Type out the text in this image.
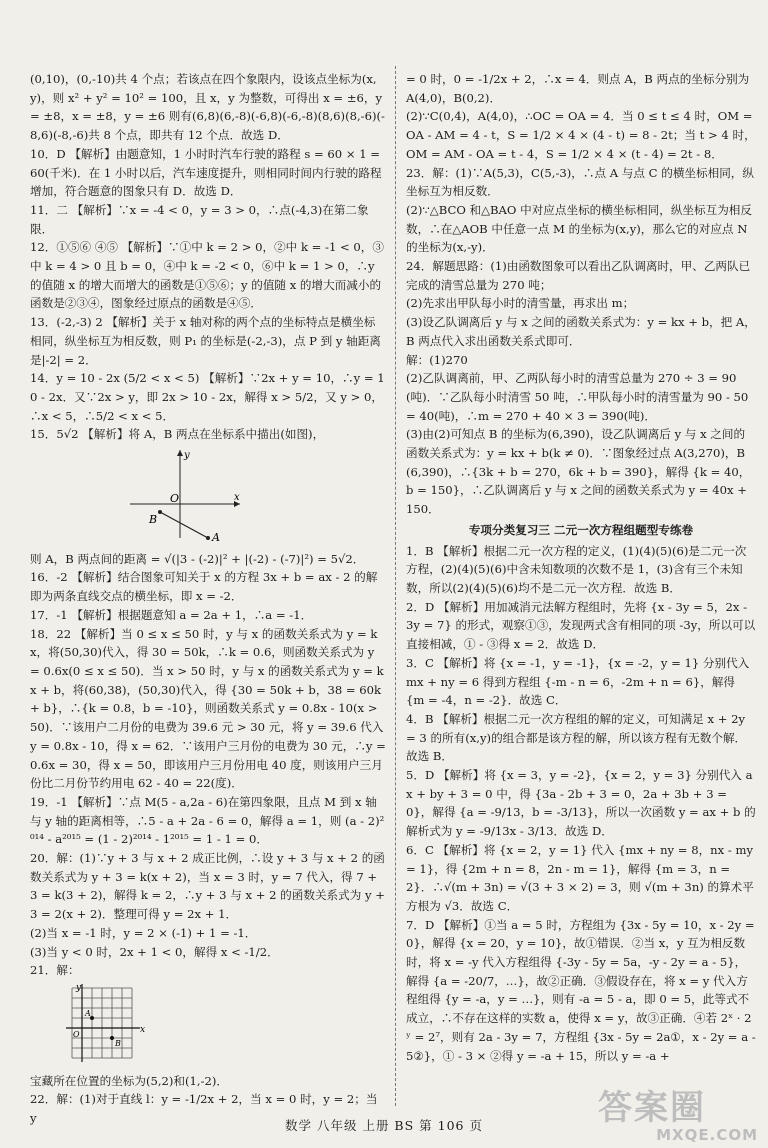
(0,10)，(0,-10)共 4 个点；若该点在四个象限内，设该点坐标为(x,y)，则 x² + y² = 10² = 100，且 x，y 为整数，可得出 x = ±6，y = ±8，x = ±8，y = ±6 则有(6,8)(6,-8)(-6,8)(-6,-8)(8,6)(8,-6)(-8,6)(-8,-6)共 8 个点，即共有 12 个点．故选 D．

10．D 【解析】由题意知，1 小时时汽车行驶的路程 s = 60 × 1 = 60(千米)．在 1 小时以后，汽车速度提升，则相同时间内行驶的路程增加，符合题意的图象只有 D．故选 D．

11．二 【解析】∵x = -4 < 0，y = 3 > 0，∴点(-4,3)在第二象限．

12．①⑤⑥ ④⑤ 【解析】∵①中 k = 2 > 0，②中 k = -1 < 0，③中 k = 4 > 0 且 b = 0，④中 k = -2 < 0，⑥中 k = 1 > 0，∴y 的值随 x 的增大而增大的函数是①⑤⑥；y 的值随 x 的增大而减小的函数是②③④，图象经过原点的函数是④⑤．

13．(-2,-3) 2 【解析】关于 x 轴对称的两个点的坐标特点是横坐标相同，纵坐标互为相反数，则 P₁ 的坐标是(-2,-3)，点 P 到 y 轴距离是|-2| = 2．

14．y = 10 - 2x (5/2 < x < 5) 【解析】∵2x + y = 10，∴y = 10 - 2x．又∵2x > y，即 2x > 10 - 2x，解得 x > 5/2，又 y > 0，∴x < 5，∴5/2 < x < 5．

15．5√2 【解析】将 A，B 两点在坐标系中描出(如图)，

B
O
A
x
y

则 A，B 两点间的距离 = √(|3 - (-2)|² + |(-2) - (-7)|²) = 5√2．

16．-2 【解析】结合图象可知关于 x 的方程 3x + b = ax - 2 的解即为两条直线交点的横坐标，即 x = -2．

17．-1 【解析】根据题意知 a = 2a + 1，∴a = -1．

18．22 【解析】当 0 ≤ x ≤ 50 时，y 与 x 的函数关系式为 y = kx，将(50,30)代入，得 30 = 50k，∴k = 0.6，则函数关系式为 y = 0.6x(0 ≤ x ≤ 50)．当 x > 50 时，y 与 x 的函数关系式为 y = kx + b，将(60,38)，(50,30)代入，得 {30 = 50k + b，38 = 60k + b}，∴{k = 0.8，b = -10}，则函数关系式 y = 0.8x - 10(x > 50)．∵该用户二月份的电费为 39.6 元 > 30 元，将 y = 39.6 代入 y = 0.8x - 10，得 x = 62．∵该用户三月份的电费为 30 元，∴y = 0.6x = 30，得 x = 50，即该用户三月份用电 40 度，则该用户三月份比二月份节约用电 62 - 40 = 22(度)．

19．-1 【解析】∵点 M(5 - a,2a - 6)在第四象限，且点 M 到 x 轴与 y 轴的距离相等，∴5 - a + 2a - 6 = 0，解得 a = 1，则 (a - 2)²⁰¹⁴ - a²⁰¹⁵ = (1 - 2)²⁰¹⁴ - 1²⁰¹⁵ = 1 - 1 = 0．

20．解：(1)∵y + 3 与 x + 2 成正比例，∴设 y + 3 与 x + 2 的函数关系式为 y + 3 = k(x + 2)，当 x = 3 时，y = 7 代入，得 7 + 3 = k(3 + 2)，解得 k = 2，∴y + 3 与 x + 2 的函数关系式为 y + 3 = 2(x + 2)．整理可得 y = 2x + 1．

(2)当 x = -1 时，y = 2 × (-1) + 1 = -1．

(3)当 y < 0 时，2x + 1 < 0，解得 x < -1/2．

21．解：

x
y
O
A
B

宝藏所在位置的坐标为(5,2)和(1,-2)．

22．解：(1)对于直线 l：y = -1/2x + 2，当 x = 0 时，y = 2；当 y

= 0 时，0 = -1/2x + 2，∴x = 4．则点 A，B 两点的坐标分别为 A(4,0)，B(0,2)．

(2)∵C(0,4)，A(4,0)，∴OC = OA = 4．当 0 ≤ t ≤ 4 时，OM = OA - AM = 4 - t，S = 1/2 × 4 × (4 - t) = 8 - 2t；当 t > 4 时，OM = AM - OA = t - 4，S = 1/2 × 4 × (t - 4) = 2t - 8．

23．解：(1)∵A(5,3)，C(5,-3)，∴点 A 与点 C 的横坐标相同，纵坐标互为相反数．

(2)∵△BCO 和△BAO 中对应点坐标的横坐标相同，纵坐标互为相反数，∴在△AOB 中任意一点 M 的坐标为(x,y)，那么它的对应点 N 的坐标为(x,-y)．

24．解题思路：(1)由函数图象可以看出乙队调离时，甲、乙两队已完成的清雪总量为 270 吨；

(2)先求出甲队每小时的清雪量，再求出 m；

(3)设乙队调离后 y 与 x 之间的函数关系式为：y = kx + b，把 A，B 两点代入求出函数关系式即可．

解：(1)270

(2)乙队调离前，甲、乙两队每小时的清雪总量为 270 ÷ 3 = 90(吨)．∵乙队每小时清雪 50 吨，∴甲队每小时的清雪量为 90 - 50 = 40(吨)，∴m = 270 + 40 × 3 = 390(吨)．

(3)由(2)可知点 B 的坐标为(6,390)，设乙队调离后 y 与 x 之间的函数关系式为：y = kx + b(k ≠ 0)．∵图象经过点 A(3,270)，B(6,390)，∴{3k + b = 270，6k + b = 390}，解得 {k = 40，b = 150}，∴乙队调离后 y 与 x 之间的函数关系式为 y = 40x + 150．

专项分类复习三 二元一次方程组题型专练卷

1．B 【解析】根据二元一次方程的定义，(1)(4)(5)(6)是二元一次方程，(2)(4)(5)(6)中含未知数项的次数不是 1，(3)含有三个未知数，所以(2)(4)(5)(6)均不是二元一次方程．故选 B．

2．D 【解析】用加减消元法解方程组时，先将 {x - 3y = 5，2x - 3y = 7} 的形式，观察①③，发现两式含有相同的项 -3y，所以可以直接相减，① - ③得 x = 2．故选 D．

3．C 【解析】将 {x = -1，y = -1}，{x = -2，y = 1} 分别代入 mx + ny = 6 得到方程组 {-m - n = 6，-2m + n = 6}，解得 {m = -4，n = -2}．故选 C．

4．B 【解析】根据二元一次方程组的解的定义，可知满足 x + 2y = 3 的所有(x,y)的组合都是该方程的解，所以该方程有无数个解．故选 B．

5．D 【解析】将 {x = 3，y = -2}，{x = 2，y = 3} 分别代入 ax + by + 3 = 0 中，得 {3a - 2b + 3 = 0，2a + 3b + 3 = 0}，解得 {a = -9/13，b = -3/13}，所以一次函数 y = ax + b 的解析式为 y = -9/13x - 3/13．故选 D．

6．C 【解析】将 {x = 2，y = 1} 代入 {mx + ny = 8，nx - my = 1}，得 {2m + n = 8，2n - m = 1}，解得 {m = 3，n = 2}．∴√(m + 3n) = √(3 + 3 × 2) = 3，则 √(m + 3n) 的算术平方根为 √3．故选 C．

7．D 【解析】①当 a = 5 时，方程组为 {3x - 5y = 10，x - 2y = 0}，解得 {x = 20，y = 10}，故①错误．②当 x，y 互为相反数时，将 x = -y 代入方程组得 {-3y - 5y = 5a，-y - 2y = a - 5}，解得 {a = -20/7，…}，故②正确．③假设存在，将 x = y 代入方程组得 {y = -a，y = …}，则有 -a = 5 - a，即 0 = 5，此等式不成立，∴不存在这样的实数 a，使得 x = y，故③正确．④若 2ˣ · 2ʸ = 2⁷，则有 2a - 3y = 7，方程组 {3x - 5y = 2a①，x - 2y = a - 5②}，① - 3 × ②得 y = -a + 15，所以 y = -a +

数学 八年级 上册 BS 第 106 页	答案圈
MXQE.COM
